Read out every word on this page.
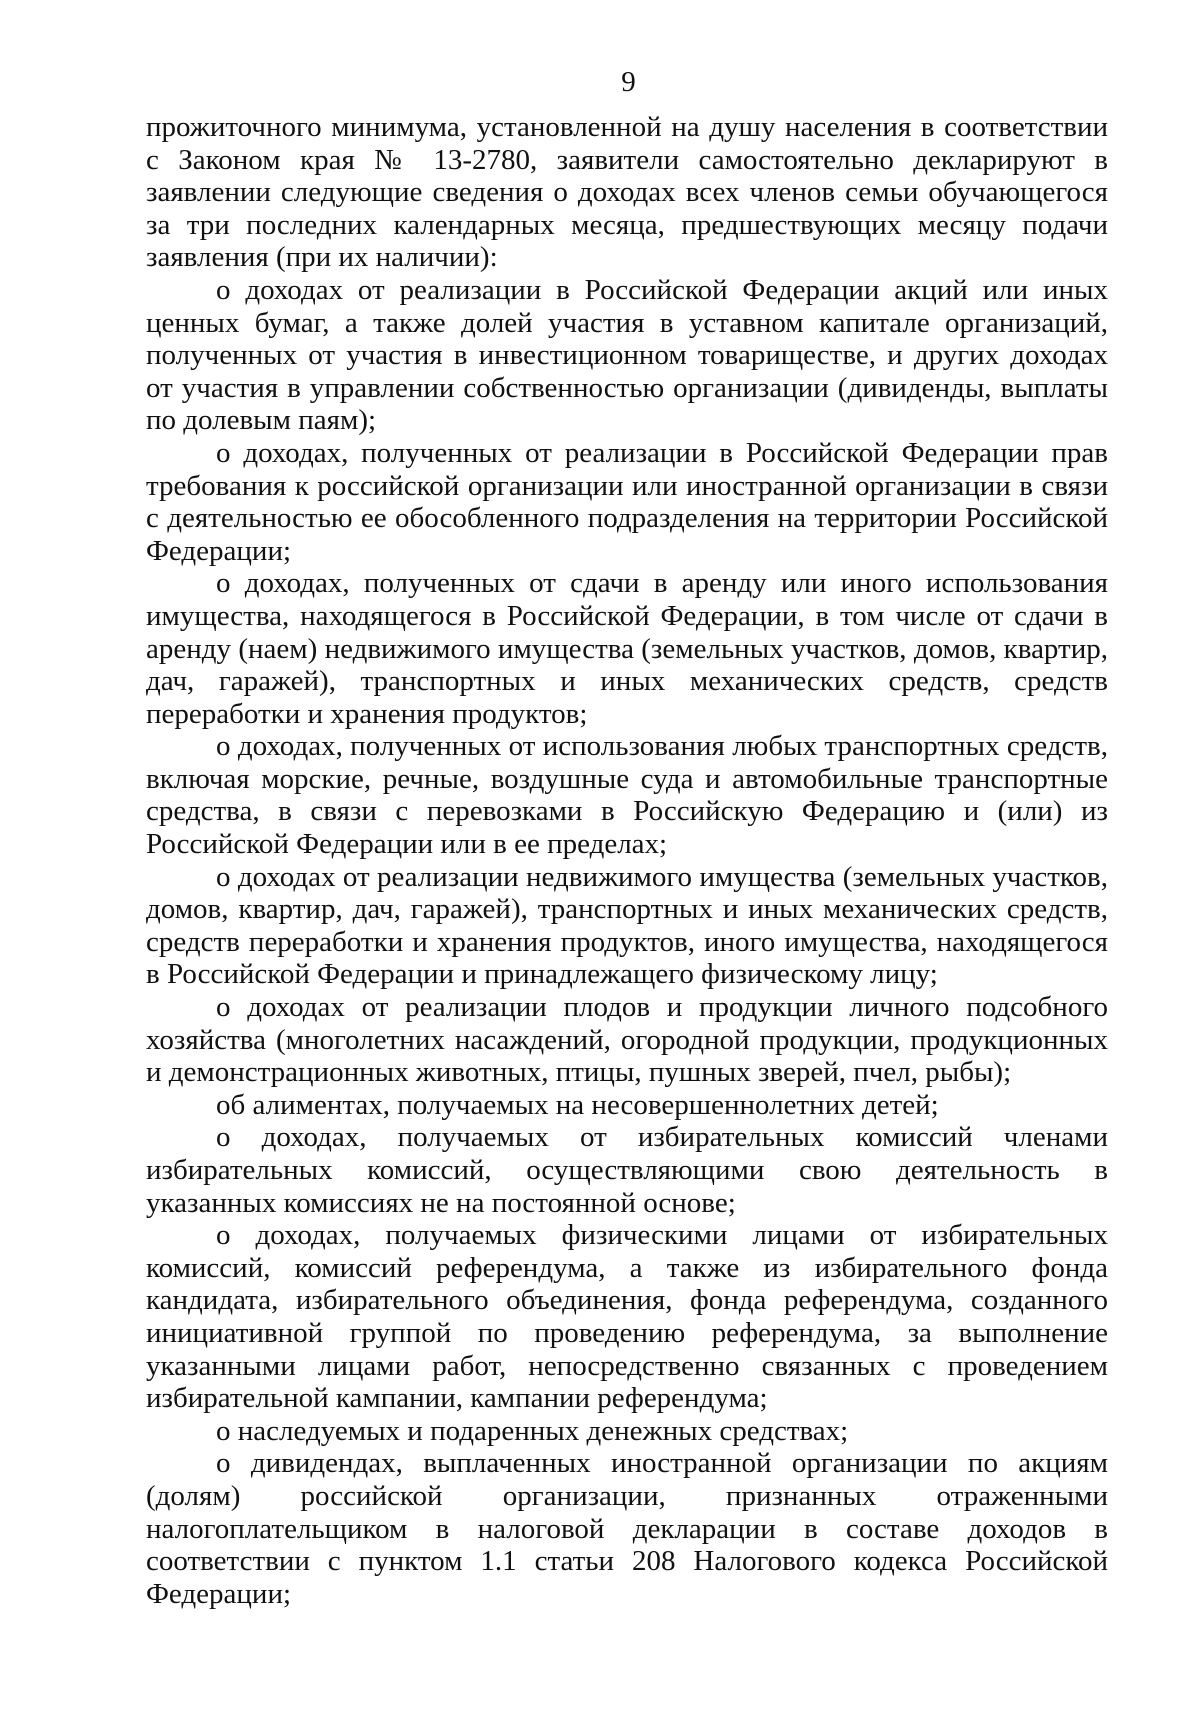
9

прожиточного минимума, установленной на душу населения в соответствии с Законом края № 13-2780, заявители самостоятельно декларируют в заявлении следующие сведения о доходах всех членов семьи обучающегося за три последних календарных месяца, предшествующих месяцу подачи заявления (при их наличии):

о доходах от реализации в Российской Федерации акций или иных ценных бумаг, а также долей участия в уставном капитале организаций, полученных от участия в инвестиционном товариществе, и других доходах от участия в управлении собственностью организации (дивиденды, выплаты по долевым паям);

о доходах, полученных от реализации в Российской Федерации прав требования к российской организации или иностранной организации в связи с деятельностью ее обособленного подразделения на территории Российской Федерации;

о доходах, полученных от сдачи в аренду или иного использования имущества, находящегося в Российской Федерации, в том числе от сдачи в аренду (наем) недвижимого имущества (земельных участков, домов, квартир, дач, гаражей), транспортных и иных механических средств, средств переработки и хранения продуктов;

о доходах, полученных от использования любых транспортных средств, включая морские, речные, воздушные суда и автомобильные транспортные средства, в связи с перевозками в Российскую Федерацию и (или) из Российской Федерации или в ее пределах;

о доходах от реализации недвижимого имущества (земельных участков, домов, квартир, дач, гаражей), транспортных и иных механических средств, средств переработки и хранения продуктов, иного имущества, находящегося в Российской Федерации и принадлежащего физическому лицу;

о доходах от реализации плодов и продукции личного подсобного хозяйства (многолетних насаждений, огородной продукции, продукционных и демонстрационных животных, птицы, пушных зверей, пчел, рыбы);

об алиментах, получаемых на несовершеннолетних детей;

о доходах, получаемых от избирательных комиссий членами избирательных комиссий, осуществляющими свою деятельность в указанных комиссиях не на постоянной основе;

о доходах, получаемых физическими лицами от избирательных комиссий, комиссий референдума, а также из избирательного фонда кандидата, избирательного объединения, фонда референдума, созданного инициативной группой по проведению референдума, за выполнение указанными лицами работ, непосредственно связанных с проведением избирательной кампании, кампании референдума;

о наследуемых и подаренных денежных средствах;

о дивидендах, выплаченных иностранной организации по акциям (долям) российской организации, признанных отраженными налогоплательщиком в налоговой декларации в составе доходов в соответствии с пунктом 1.1 статьи 208 Налогового кодекса Российской Федерации;
